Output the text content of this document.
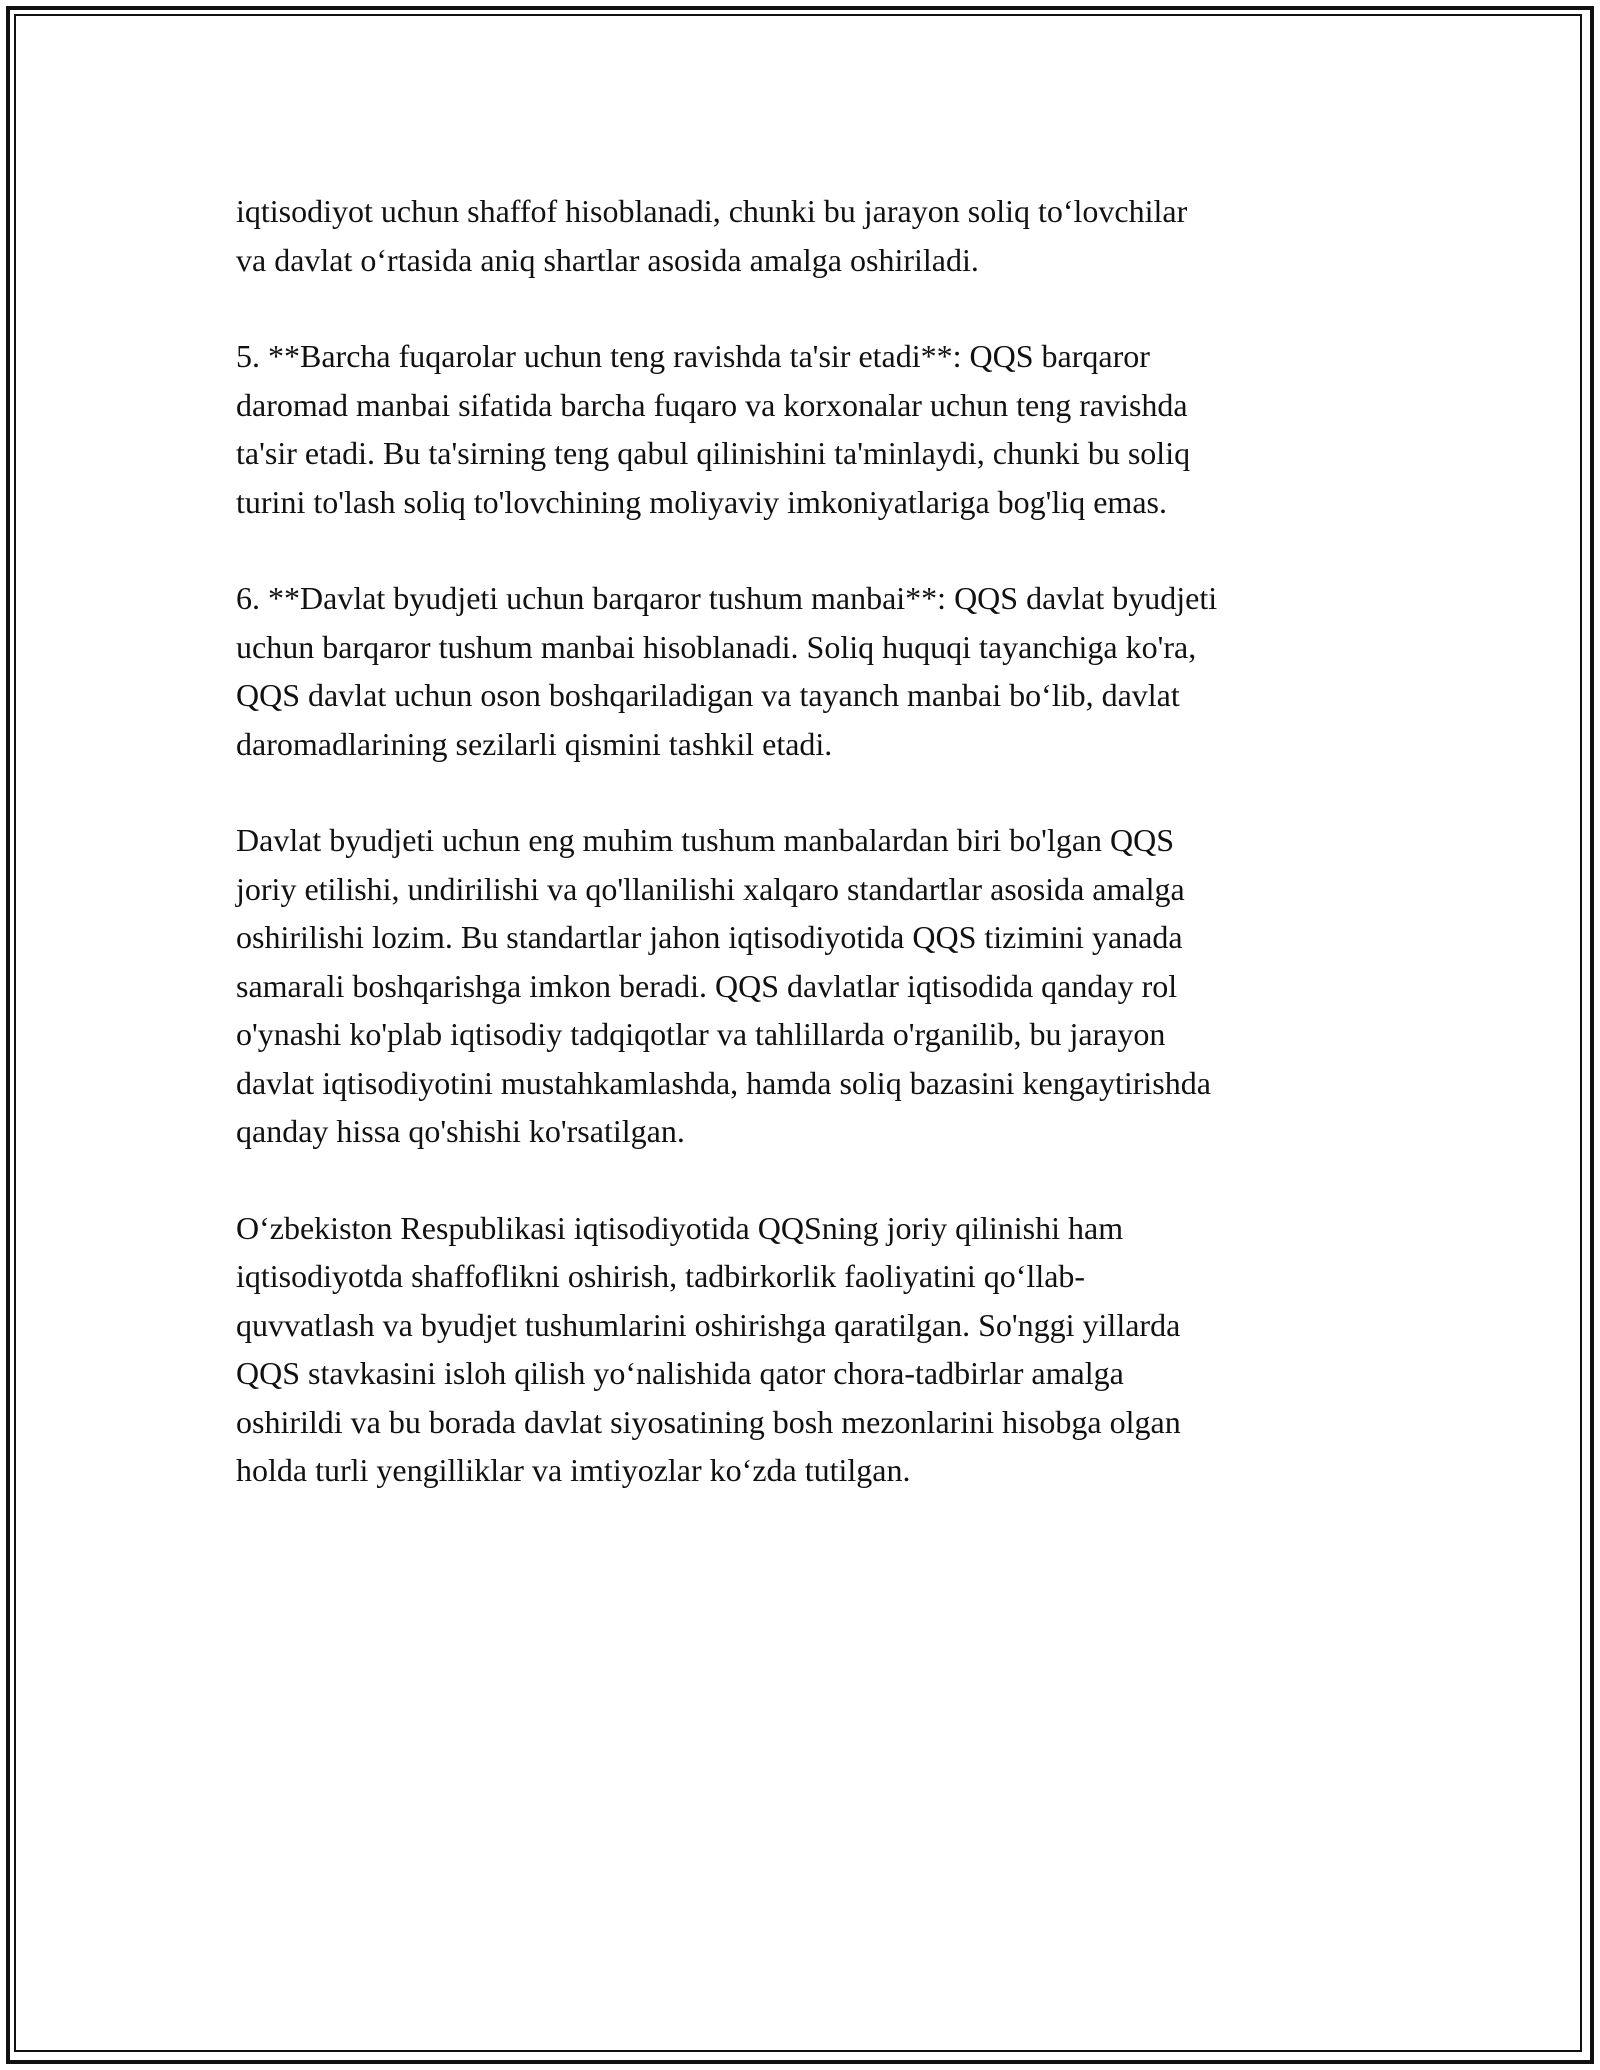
iqtisodiyot uchun shaffof hisoblanadi, chunki bu jarayon soliq to‘lovchilar
va davlat o‘rtasida aniq shartlar asosida amalga oshiriladi.

5. **Barcha fuqarolar uchun teng ravishda ta'sir etadi**: QQS barqaror
daromad manbai sifatida barcha fuqaro va korxonalar uchun teng ravishda
ta'sir etadi. Bu ta'sirning teng qabul qilinishini ta'minlaydi, chunki bu soliq
turini to'lash soliq to'lovchining moliyaviy imkoniyatlariga bog'liq emas.

6. **Davlat byudjeti uchun barqaror tushum manbai**: QQS davlat byudjeti
uchun barqaror tushum manbai hisoblanadi. Soliq huquqi tayanchiga ko'ra,
QQS davlat uchun oson boshqariladigan va tayanch manbai bo‘lib, davlat
daromadlarining sezilarli qismini tashkil etadi.

Davlat byudjeti uchun eng muhim tushum manbalardan biri bo'lgan QQS
joriy etilishi, undirilishi va qo'llanilishi xalqaro standartlar asosida amalga
oshirilishi lozim. Bu standartlar jahon iqtisodiyotida QQS tizimini yanada
samarali boshqarishga imkon beradi. QQS davlatlar iqtisodida qanday rol
o'ynashi ko'plab iqtisodiy tadqiqotlar va tahlillarda o'rganilib, bu jarayon
davlat iqtisodiyotini mustahkamlashda, hamda soliq bazasini kengaytirishda
qanday hissa qo'shishi ko'rsatilgan.

O‘zbekiston Respublikasi iqtisodiyotida QQSning joriy qilinishi ham
iqtisodiyotda shaffoflikni oshirish, tadbirkorlik faoliyatini qo‘llab-
quvvatlash va byudjet tushumlarini oshirishga qaratilgan. So'nggi yillarda
QQS stavkasini isloh qilish yo‘nalishida qator chora-tadbirlar amalga
oshirildi va bu borada davlat siyosatining bosh mezonlarini hisobga olgan
holda turli yengilliklar va imtiyozlar ko‘zda tutilgan.
